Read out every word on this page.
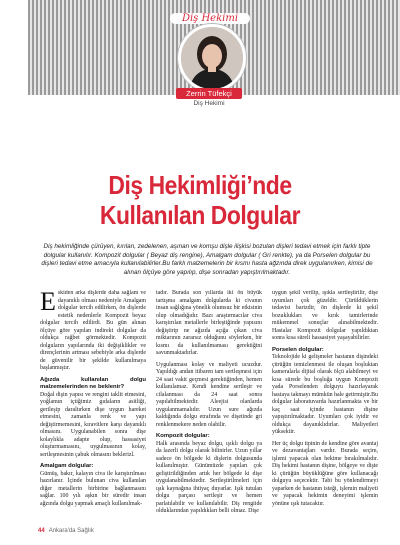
Diş Hekimi
Zerrin Tüfekçi
Diş Hekimi
Diş Hekimliği’nde
Kullanılan Dolgular
Diş hekimliğinde çürüyen, kırılan, zedelenen, aşınan ve komşu dişle ilişkisi bozulan dişleri tedavi etmek için farklı tipte dolgular kullanılır. Kompozit dolgular ( Beyaz diş rengine), Amalgam dolgular ( Gri renkte), ya da Porselen dolgular bu dişleri tedavi etme amacıyla kullanılabilirler.Bu farklı malzemelerin bir kısmı hasta ağzında direk uygulanırken, kimisi de alınan ölçüye göre yapılıp, dişe sonradan yapıştırılmaktadır.

Eskiden arka dişlerde daha sağlam ve dayanıklı olması nedeniyle Amalgam dolgular tercih edilirken, ön dişlerde estetik nedenlerle Kompozit beyaz dolgular tercih edilirdi. Bu gün alınan ölçüye göre yapılan indirekt dolgular da oldukça rağbet görmektedir. Kompozit dolguların yapılarında iki değişiklikler ve dirençlerinin artması sebebiyle arka dişlerde de güvenilir bir şekilde kullanılmaya başlanmıştır.

Ağızda kullanılan dolgu malzemelerinden ne beklenir?

Doğal dişin yapısı ve rengini taklit etmesini, yoğlamın içtiğimiz gıdaların asitliği, gerileşip daraltırken dişe uygun hareket etmesini, zamanla renk ve yapı değiştirmemesini, kıravitlere karşı dayanıklı olmasını. Uygulanabilen sonra dişe kolaylıkla adapte olup, hassasiyet oluşturmamasını, uygulmasının kolay, sertleşmesinin çabuk olmasını beklerizl.

Amalgam dolgular:

Gümüş, bakır, kalayın civa ile karıştırılması hazırlanır. İçinde bulunan civa kullanılan diğer metallerin birbirine bağlanmasını sağlar. 100 yılı aşkın bir süredir insan ağzında dolgu yapmak amaçlı kullanılmak-

tadır. Burada son yıllarda iki ön büyük tartışma amalgam dolgularda ki civanın insan sağlığına yönelik olumsuz bir etkisinin olup olmadığıdır. Bazı araştırmacılar civa karıştırılan metallerle birleştiğinde yapısını değiştirip ne ağızda açığa çıkan civa miktarının zararsız olduğunu söylerken, bir kısmı da kullanılmaması gerektiğini savunmaktadırlar.

Uygulanması kolay ve maliyeti ucuzdur. Yapıldığı andan itibaren tam sertleşmesi için 24 saat vakit geçmesi gerektiğinden, hemen kullanılamaz. Kendi kendine sertleşir ve cilalanması da 24 saat sonra yapılabilmektedir. Aleejisi olanlarda uygulanmamalıdır. Uzun sure ağızda kaldığında dolgu etrafında ve dişetinde gri renklenmekere neden olabilir.

Kompozit dolgular:

Halk arasında beyaz dolgu, ışıklı dolgu ya da lazerli dolgu olarak bilinirler. Uzun yıllar sadece ön bölgede ki dişlerin dolgusunda kullanılmıştır. Günümüzde yapıları çok geliştirildiğinden artık her bölgede ki dişe uygulanabilmektedir. Sertleştirilmeleri için ışık kaynağına ihtiyaç duyarlar. Işık tutulan dolgu parçası sertleşir ve hemen parlatılabilir ve kullanılabilir. Diş rengiide olduklarından yapıldıkları belli olmaz. Dişe

uygun şekil verilip, ışıkla sertleştirilir, dişe uyumları çok güzeldir. Çürüldüklerin tedavisi barizdir, ön dişlerde ki şekil bozuklukları ve kırık tamirlerinde mükemmel sonuçlar alınabilmektedir. Hastalar Kompozit dolgular yapıldıktan sonra kısa süreli hassasiyet yaşayabilirler.

Porselen dolgular:

Teknolojide ki gelişmeler hastanın dişindeki çürüğün temizlenmesi ile oluşan boşluktan kameralarla dijital olarak ölçü alabilmeyi ve kısa sürede bu boşluğa uygun Kompozit yada Porselenden dolguyu hazırlayarak hastaya takmayı mümkün hale getirmiştir.Bu dolgular laboratuvarda hazırlanmakta ve bir kaç saat içinde hastanın dişine yapıştırılmaktadır. Uyumları çok iyidir ve oldukça dayanıklıdırlar. Maliyetleri yüksektir.

Her üç dolgu tipinin de kendine göre avantaj ve dezavantajları vardır. Burada seçim, işlemi yapacak olan hekime bırakılmalıdır. Diş hekimi hastanın dişine, bölgeye ve dişte ki çürüğün büyüklüğüne göre kullanacağı dolguyu seçecektir. Tabi bu yönlendirmeyi yaparken de hastanın isteği, işlemin maliyeti ve yapacak hekimin deneyimi işlemin yönüne ışık tutacaktır.

44 Ankara'da Sağlık
